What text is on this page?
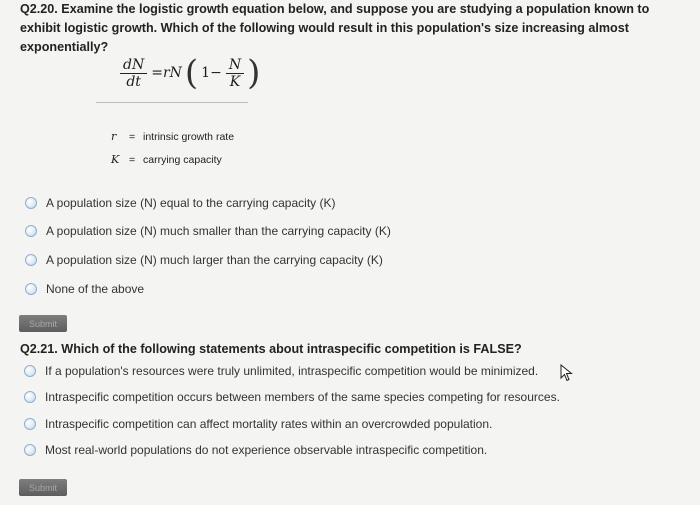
Q2.20. Examine the logistic growth equation below, and suppose you are studying a population known to exhibit logistic growth. Which of the following would result in this population's size increasing almost exponentially?
$\frac{dN}{dt} =rN$ ( $1- \frac{N}{K}$ )
r	= intrinsic growth rate
K = carrying capacity
A population size (N) equal to the carrying capacity (K)
A population size (N) much smaller than the carrying capacity (K)
A population size (N) much larger than the carrying capacity (K)
None of the above
Submit
Q2.21. Which of the following statements about intraspecific competition is FALSE?
If a population's resources were truly unlimited, intraspecific competition would be minimized.
Intraspecific competition occurs between members of the same species competing for resources.
Intraspecific competition can affect mortality rates within an overcrowded population.
Most real-world populations do not experience observable intraspecific competition.
Submit
